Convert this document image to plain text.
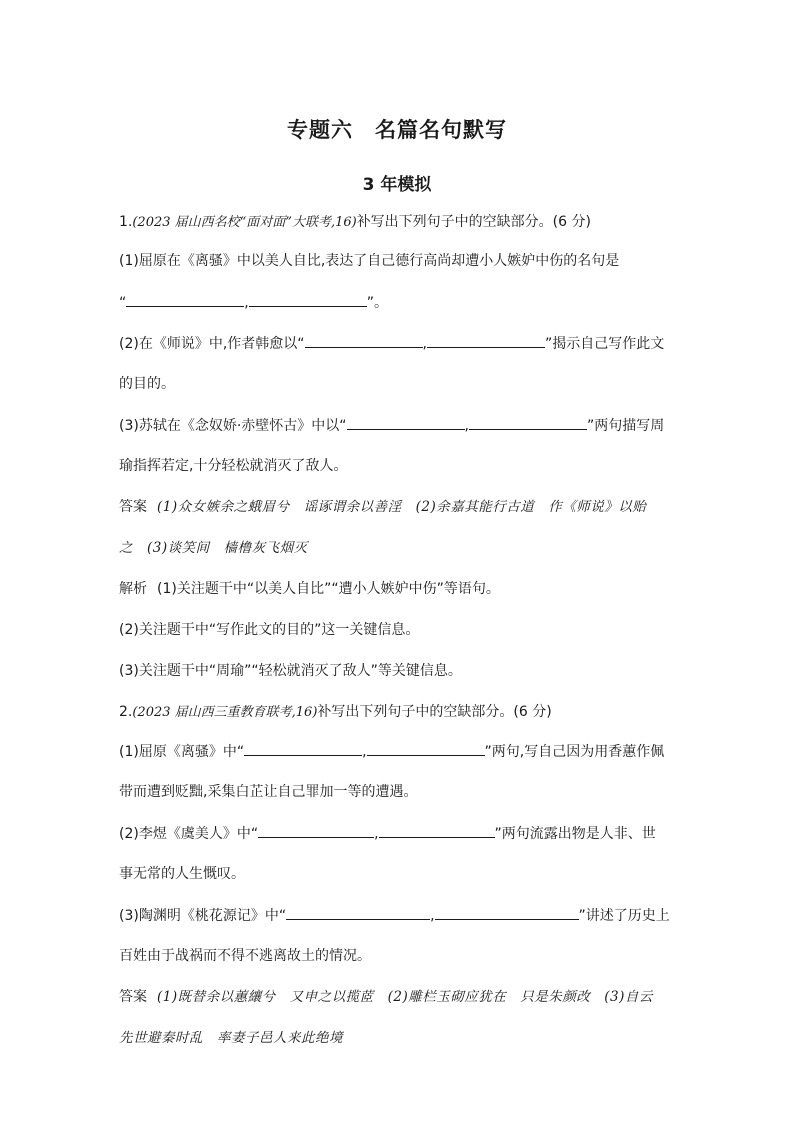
专题六　名篇名句默写
3 年模拟
1.(2023 届山西名校“面对面”大联考,16)补写出下列句子中的空缺部分。(6 分)
(1)屈原在《离骚》中以美人自比,表达了自己德行高尚却遭小人嫉妒中伤的名句是
“	,	”。
(2)在《师说》中,作者韩愈以“	,	”揭示自己写作此文
的目的。
(3)苏轼在《念奴娇·赤壁怀古》中以“	,	”两句描写周
瑜指挥若定,十分轻松就消灭了敌人。
答案 (1)众女嫉余之蛾眉兮　谣诼谓余以善淫　(2)余嘉其能行古道　作《师说》以贻
之　(3)谈笑间　樯橹灰飞烟灭
解析 (1)关注题干中“以美人自比”“遭小人嫉妒中伤”等语句。
(2)关注题干中“写作此文的目的”这一关键信息。
(3)关注题干中“周瑜”“轻松就消灭了敌人”等关键信息。
2.(2023 届山西三重教育联考,16)补写出下列句子中的空缺部分。(6 分)
(1)屈原《离骚》中“	,	”两句,写自己因为用香蕙作佩
带而遭到贬黜,采集白芷让自己罪加一等的遭遇。
(2)李煜《虞美人》中“	,	”两句流露出物是人非、世
事无常的人生慨叹。
(3)陶渊明《桃花源记》中“	,	”讲述了历史上
百姓由于战祸而不得不逃离故土的情况。
答案 (1)既替余以蕙纕兮　又申之以揽茝　(2)雕栏玉砌应犹在　只是朱颜改　(3)自云
先世避秦时乱　率妻子邑人来此绝境
